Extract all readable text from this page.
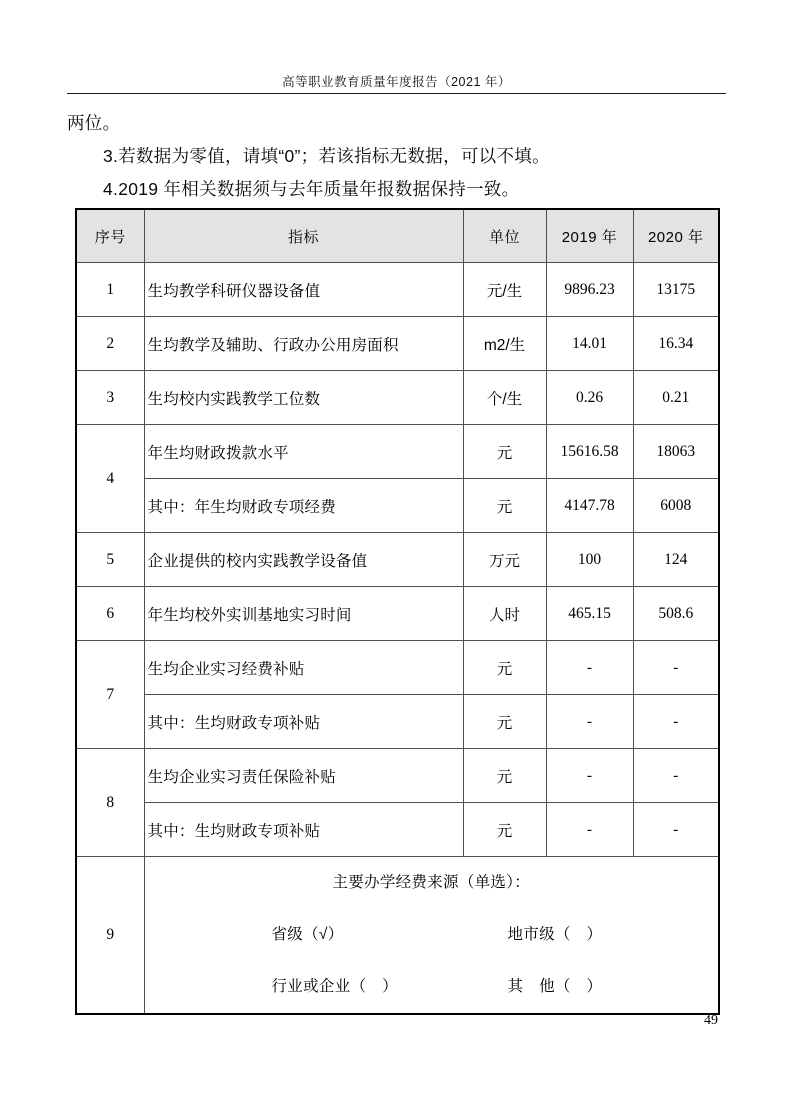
高等职业教育质量年度报告（2021 年）

两位。

3.若数据为零值，请填“0”；若该指标无数据，可以不填。

4.2019 年相关数据须与去年质量年报数据保持一致。

序号	指标	单位	2019 年	2020 年
1	生均教学科研仪器设备值	元/生	9896.23	13175
2	生均教学及辅助、行政办公用房面积	m2/生	14.01	16.34
3	生均校内实践教学工位数	个/生	0.26	0.21
4	年生均财政拨款水平	元	15616.58	18063
	其中：年生均财政专项经费	元	4147.78	6008
5	企业提供的校内实践教学设备值	万元	100	124
6	年生均校外实训基地实习时间	人时	465.15	508.6
7	生均企业实习经费补贴	元	-	-
	其中：生均财政专项补贴	元	-	-
8	生均企业实习责任保险补贴	元	-	-
	其中：生均财政专项补贴	元	-	-
9	主要办学经费来源（单选）：
省级（√） 地市级（　）
行业或企业（　） 其　他（　）			
49
